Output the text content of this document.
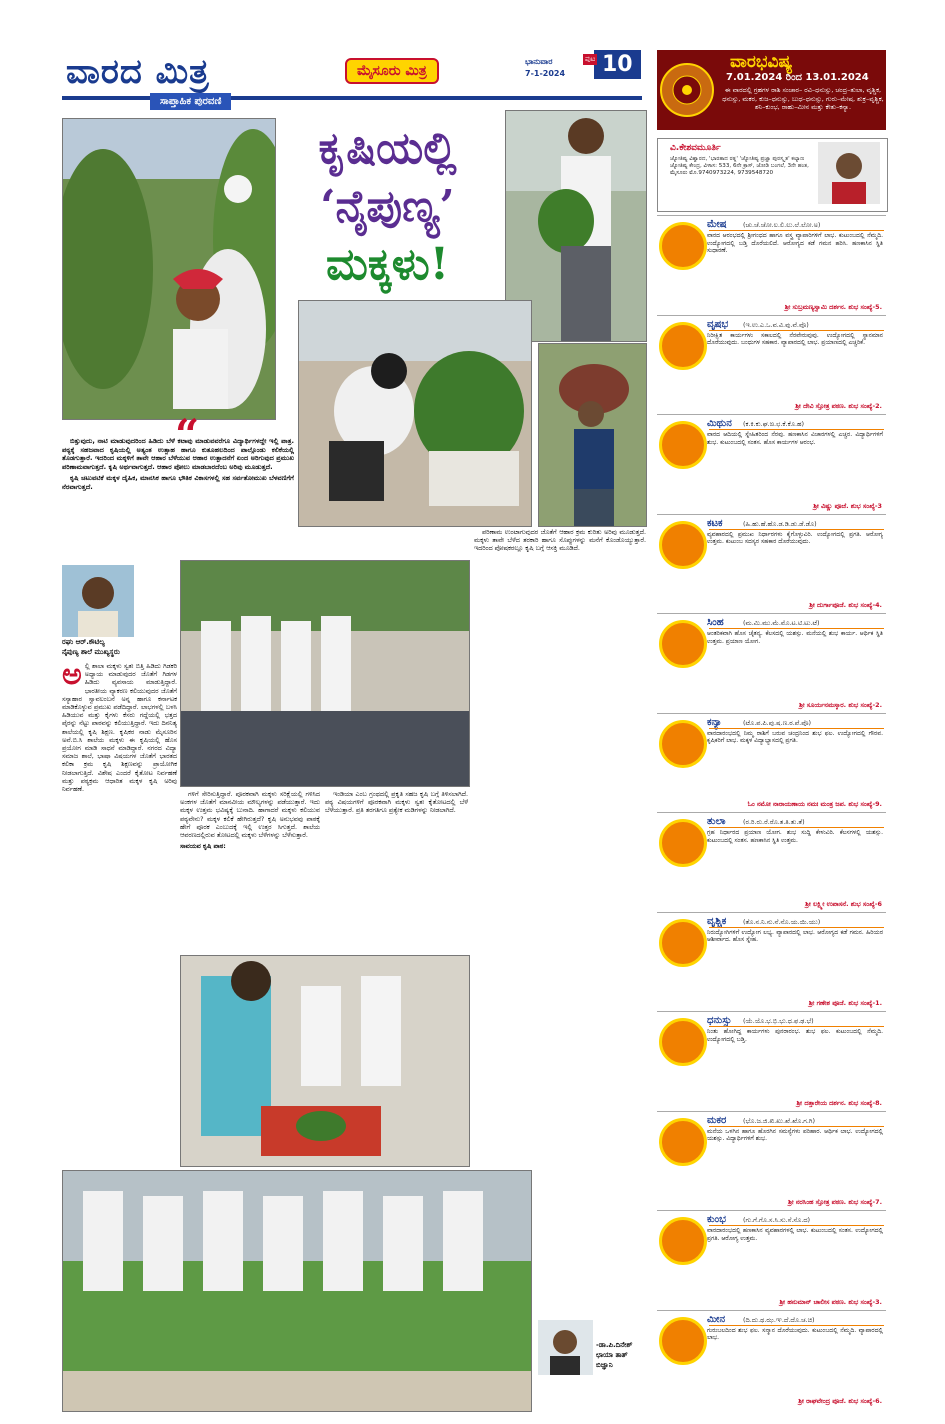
ವಾರದ ಮಿತ್ರ
ಸಾಪ್ತಾಹಿಕ ಪುರವಣಿ
ಮೈಸೂರು ಮಿತ್ರ
ಭಾನುವಾರ
7-1-2024	10
ಪುಟ
ಕೃಷಿಯಲ್ಲಿ
‘ನೈಪುಣ್ಯ’
ಮಕ್ಕಳು!
“

ಬಿತ್ತುವುದು, ನಾಟಿ ಮಾಡುವುದರಿಂದ ಹಿಡಿದು ಬೆಳೆ ಕಟಾವು ಮಾಡುವವರೆಗೂ ವಿದ್ಯಾರ್ಥಿಗಳದ್ದೇ ಇಲ್ಲಿ ಪಾತ್ರ. ಪಠ್ಯಕ್ಕೆ ಸಹಜವಾದ ಕೃಷಿಯಲ್ಲಿ ಅತ್ಯಂತ ಉತ್ಸಾಹ ಹಾಗೂ ಕುತೂಹಲದಿಂದ ಪಾಲ್ಗೊಂಡು ಕಲಿಕೆಯಲ್ಲಿ ತೊಡಗುತ್ತಾರೆ. ಇದರಿಂದ ಮಕ್ಕಳಿಗೆ ತಾವೇ ಆಹಾರ ಬೆಳೆಯುವ ಆಹಾರ ಉತ್ಪಾದನೆಗೆ ಏಂದ ಅರಿಗುವುದ ಪ್ರಮುಖ ಪರಿಣಾಮವಾಗುತ್ತದೆ. ಕೃಷಿ ಅರ್ಥವಾಗುತ್ತದೆ. ಆಹಾರ ಪೋಲು ಮಾಡಬಾರದೆಂಬ ಅರಿವು ಮೂಡುತ್ತದೆ.

ಕೃಷಿ ಚಟುವಟಿಕೆ ಮಕ್ಕಳ ದೈಹಿಕ, ಮಾನಸಿಕ ಹಾಗೂ ಭೌತಿಕ ವಿಕಾಸಗಳಲ್ಲಿ ಸಹ ಸರ್ವತೋಮುಖ ಬೆಳವಣಿಗೆಗೆ ನೆರವಾಗುತ್ತದೆ.

ರಘು ಆರ್.ಕೌಟಿಲ್ಯ
ನೈಪುಣ್ಯ ಶಾಲೆ ಮುಖ್ಯಸ್ಥರು
ಅಲ್ಲಿ ಶಾಲಾ ಮಕ್ಕಳು ಸ್ವತಃ ಬಿತ್ತಿ ಹಿಡಿದು ಗಿಡಕರಿ ಅಧ್ಯಾಯ ಮಾಡುವುದರ ಜೊತೆಗೆ ಗಿಡಗಳ ಹಿಡಿದು ವ್ಯವಸಾಯ ಮಾಡುತ್ತಿದ್ದಾರೆ. ಭಾರತೀಯ ವ್ಯಾಕರಣ ಕಲಿಯುವುದರ ಜೊತೆಗೆ ಸಸ್ಯಾಹಾರ ಸ್ವಾವಲಂಬನೆ ಅನ್ನ ಹಾಗೂ ಕರ್ನಾಟಕ ಮಾಡಿಕೊಳ್ಳುವ ಪ್ರಮುಖ ಪಡೆದಿದ್ದಾರೆ. ಲಾಭಗಳಲ್ಲಿ ಬಳಸಿ ಹಿಡಿಯುವ ಮತ್ತು ಕೈಗಳು ಕೆಸರು ಗದ್ದೆಯಲ್ಲಿ ಭತ್ತದ ಪೈರನ್ನು ನೆಟ್ಟು ಪಾಠವನ್ನು ಕಲಿಯುತ್ತಿದ್ದಾರೆ. ಇದು ದಿನನಿತ್ಯ ಶಾಲೆಯಲ್ಲಿ ಕೃಷಿ ಶಿಕ್ಷಣ. ಕೃಷಿಕರ ನಾಡು ಮೈಸೂರಿನ ಅವೆ.ಬಿ.ಸಿ ಶಾಲೆಯ ಮಕ್ಕಳು ಈ ಕೃಷಿಯಲ್ಲಿ ಹೊಸ ಪ್ರಯೋಗ ಮಾಡಿ ಸಾಧನೆ ಮಾಡಿದ್ದಾರೆ. ನಗರದ ವಿದ್ಯಾ ಸಮಾಜ ಶಾಲೆ, ಭಾಷಾ ವಿಷಯಗಳ ಜೊತೆಗೆ ಭಾರತದ ಕಲಿಕಾ ಕ್ರಮ ಕೃಷಿ ಶಿಕ್ಷಣವನ್ನು ಪ್ರಾಯೋಗಿಕ ನೀಡಲಾಗುತ್ತಿದೆ. ವಿಶೇಷ ಎಂದರೆ ಕೈತೋಟ ನಿರ್ವಹಣೆ ಮತ್ತು ಪಠ್ಯಕ್ರಮ ಆಧಾರಿತ ಮಕ್ಕಳ ಕೃಷಿ ಅರಿವು ನಿರ್ವಹಣೆ.

ಗಳಿಗೆ ಸೇರಿಸುತ್ತಿದ್ದಾರೆ. ಪೂರಕವಾಗಿ ಮಕ್ಕಳು ಸರಿಕ್ಷೆಯಲ್ಲಿ ಗಳಿಸಿದ ಅಂಕಗಳ ಜೊತೆಗೆ ಮಾನವೀಯ ಮೌಲ್ಯಗಳನ್ನು ಪಡೆಯುತ್ತಾರೆ. ಇದು ಮಕ್ಕಳ ಉತ್ತಮ ಭವಿಷ್ಯಕ್ಕೆ ಬುನಾದಿ. ಹಾಗಾದರೆ ಮಕ್ಕಳು ಕಲಿಯುವ ಪಠ್ಯವೇನು? ಮಕ್ಕಳ ಕಲಿಕೆ ಹೇಗಿರುತ್ತದೆ? ಕೃಷಿ ಅನುಭವವು ಪಾಠಕ್ಕೆ ಹೇಗೆ ಪೂರಕ ಎಂಬುದಕ್ಕೆ ಇಲ್ಲಿ ಉತ್ತರ ಸಿಗುತ್ತದೆ. ಶಾಲೆಯ ಆವರಣದಲ್ಲಿರುವ ತೋಟದಲ್ಲಿ ಮಕ್ಕಳು ಬೆಳೆಗಳನ್ನು ಬೆಳೆಸುತ್ತಾರೆ.

ಸಾವಯವ ಕೃಷಿ ಪಾಠ:

ಇಂಡಿಯಾ ಎಂಬ ಗ್ರಂಥದಲ್ಲಿ ಪ್ರಕೃತಿ ಸಹಜ ಕೃಷಿ ಬಗ್ಗೆ ತಿಳಿಸಲಾಗಿದೆ. ಪಠ್ಯ ವಿಷಯಗಳಿಗೆ ಪೂರಕವಾಗಿ ಮಕ್ಕಳು ಸ್ವತಃ ಕೈತೋಟದಲ್ಲಿ ಬೆಳೆ ಬೆಳೆಯುತ್ತಾರೆ. ಪ್ರತಿ ತರಗತಿಗೂ ಪ್ರತ್ಯೇಕ ಮಡಿಗಳನ್ನು ನೀಡಲಾಗಿದೆ.

ಪರಿಣಾಮ ಉಂಟಾಗುವುದರ ಜೊತೆಗೆ ಆಹಾರ ಕ್ರಮ ಕುರಿತು ಅರಿವು ಮೂಡುತ್ತದೆ. ಮಕ್ಕಳು ತಾವೇ ಬೆಳೆದ ತರಕಾರಿ ಹಾಗೂ ಸೊಪ್ಪುಗಳನ್ನು ಮನೆಗೆ ಕೊಂಡೊಯ್ಯುತ್ತಾರೆ. ಇದರಿಂದ ಪೋಷಕರಲ್ಲೂ ಕೃಷಿ ಬಗ್ಗೆ ಆಸಕ್ತಿ ಮೂಡಿದೆ.

-ಡಾ.ಪಿ.ದಿನೇಶ್
ಛಾಯಾ ತಾತ್ ಬಿಜ್ಞಾನಿ
ವಾರಭವಿಷ್ಯ
7.01.2024 ರಿಂದ 13.01.2024
ಈ ವಾರದಲ್ಲಿ ಗ್ರಹಗಳ ರಾಶಿ ಸಂಚಾರ– ರವಿ–ಧನುಸ್ಸು, ಚಂದ್ರ–ತುಲಾ, ವೃಶ್ಚಿಕ, ಧನುಸ್ಸು, ಮಕರ, ಕುಜ–ಧನುಸ್ಸು, ಬುಧ–ಧನುಸ್ಸು, ಗುರು–ಮೇಷ, ಶುಕ್ರ–ವೃಶ್ಚಿಕ, ಶನಿ–ಕುಂಭ, ರಾಹು–ಮೀನ ಮತ್ತು ಕೇತು–ಕನ್ಯಾ.
ವಿ.ಕೇಶವಮೂರ್ತಿ
ಜ್ಯೋತಿಷ್ಯ ವಿಶ್ವಾರದ, 'ಭಾರತಾದ ರತ್ನ' 'ಜ್ಯೋತಿಷ್ಯ ಪ್ರಜ್ಞಾ ಪುರಸ್ಕೃತ' ಕಲ್ಯಾಣ ಜ್ಯೋತಿಷ್ಯ ಕೇಂದ್ರ, ವಿಳಾಸ: 533, 6ನೇ ಕ್ರಾಸ್, ಜೋಡಿ ಬಂಗಲೆ, 3ನೇ ಹಂತ, ಮೈಸೂರು ಮೊ.9740973224, 9739548720
ಮೇಷ	(ಚು.ಚೆ.ಚೋ.ಲ.ಲಿ.ಲು.ಲೆ.ಲೋ.ಅ)
ವಾರದ ಆರಂಭದಲ್ಲಿ ಶ್ರೀಗಂಧದ ಹಾಗೂ ವಸ್ತ್ರ ವ್ಯಾಪಾರಿಗಳಿಗೆ ಲಾಭ. ಕುಟುಂಬದಲ್ಲಿ ನೆಮ್ಮದಿ. ಉದ್ಯೋಗದಲ್ಲಿ ಬಡ್ತಿ ದೊರೆಯಲಿದೆ. ಆರೋಗ್ಯದ ಕಡೆ ಗಮನ ಹರಿಸಿ. ಹಣಕಾಸಿನ ಸ್ಥಿತಿ ಸುಧಾರಣೆ.
ಶ್ರೀ ಸುಬ್ರಮಣ್ಯಸ್ವಾಮಿ ದರ್ಶನ. ಶುಭ ಸಂಖ್ಯೆ-5.
ವೃಷಭ (ಇ.ಉ.ಎ.ಒ.ವ.ವಿ.ವು.ವೆ.ವೊ)
ನಿರೀಕ್ಷಿತ ಕಾರ್ಯಗಳು ಸಕಾಲದಲ್ಲಿ ನೆರವೇರುವುವು. ಉದ್ಯೋಗದಲ್ಲಿ ಸ್ಥಾನಮಾನ ದೊರೆಯುವುದು. ಬಂಧುಗಳ ಸಹಕಾರ. ವ್ಯಾಪಾರದಲ್ಲಿ ಲಾಭ. ಪ್ರಯಾಣದಲ್ಲಿ ಎಚ್ಚರಿಕೆ.
ಶ್ರೀ ದೇವಿ ಸ್ತೋತ್ರ ಪಠಣ. ಶುಭ ಸಂಖ್ಯೆ-2.
ಮಿಥುನ (ಕ.ಕಿ.ಕು.ಘ.ಙ.ಛ.ಕೆ.ಕೊ.ಹ)
ವಾರದ ಆದಿಯಲ್ಲಿ ಸ್ನೇಹಿತರಿಂದ ನೆರವು. ಹಣಕಾಸಿನ ವಿಚಾರಗಳಲ್ಲಿ ಎಚ್ಚರ. ವಿದ್ಯಾರ್ಥಿಗಳಿಗೆ ಶುಭ. ಕುಟುಂಬದಲ್ಲಿ ಸಂತಸ. ಹೊಸ ಕಾರ್ಯಗಳ ಆರಂಭ.
ಶ್ರೀ ವಿಷ್ಣು ಪೂಜೆ. ಶುಭ ಸಂಖ್ಯೆ-3
ಕಟಕ	(ಹಿ.ಹು.ಹೆ.ಹೊ.ಡ.ಡಿ.ಡು.ಡೆ.ಡೊ)
ವ್ಯವಹಾರದಲ್ಲಿ ಪ್ರಮುಖ ನಿರ್ಧಾರಗಳು ಕೈಗೊಳ್ಳುವಿರಿ. ಉದ್ಯೋಗದಲ್ಲಿ ಪ್ರಗತಿ. ಆರೋಗ್ಯ ಉತ್ತಮ. ಕುಟುಂಬ ಸದಸ್ಯರ ಸಹಕಾರ ದೊರೆಯುವುದು.
ಶ್ರೀ ದುರ್ಗಾಪೂಜೆ. ಶುಭ ಸಂಖ್ಯೆ-4.
ಸಿಂಹ	(ಮ.ಮಿ.ಮು.ಮೆ.ಮೊ.ಟ.ಟಿ.ಟು.ಟೆ)
ಆಂತರಿಕವಾಗಿ ಹೊಸ ಚೈತನ್ಯ. ಕೆಲಸದಲ್ಲಿ ಯಶಸ್ಸು. ಮನೆಯಲ್ಲಿ ಶುಭ ಕಾರ್ಯ. ಆರ್ಥಿಕ ಸ್ಥಿತಿ ಉತ್ತಮ. ಪ್ರಯಾಣ ಯೋಗ.
ಶ್ರೀ ಸೂರ್ಯನಮಸ್ಕಾರ. ಶುಭ ಸಂಖ್ಯೆ-2.
ಕನ್ಯಾ	(ಟೊ.ಪ.ಪಿ.ಪು.ಷ.ಣ.ಠ.ಪೆ.ಪೊ)
ವಾರದಾರಂಭದಲ್ಲಿ ನಿಮ್ಮ ರಾಶಿಗೆ ಬರುವ ಚಂದ್ರನಿಂದ ಶುಭ ಫಲ. ಉದ್ಯೋಗದಲ್ಲಿ ಗೌರವ. ಕೃಷಿಕರಿಗೆ ಲಾಭ. ಮಕ್ಕಳ ವಿದ್ಯಾಭ್ಯಾಸದಲ್ಲಿ ಪ್ರಗತಿ.
ಓಂ ನಮೋ ನಾರಾಯಣಾಯ ನಮಃ ಮಂತ್ರ ಜಪ. ಶುಭ ಸಂಖ್ಯೆ-9.
ತುಲಾ	(ರ.ರಿ.ರು.ರೆ.ರೊ.ತ.ತಿ.ತು.ತೆ)
ಗ್ರಹ ನಿರ್ಧಾರದ ಪ್ರಯಾಣ ಯೋಗ. ಶುಭ ಸುದ್ದಿ ಕೇಳುವಿರಿ. ಕೆಲಸಗಳಲ್ಲಿ ಯಶಸ್ಸು. ಕುಟುಂಬದಲ್ಲಿ ಸಂತಸ. ಹಣಕಾಸಿನ ಸ್ಥಿತಿ ಉತ್ತಮ.
ಶ್ರೀ ಲಕ್ಷ್ಮೀ ಉಪಾಸನೆ. ಶುಭ ಸಂಖ್ಯೆ-6
ವೃಶ್ಚಿಕ	(ತೊ.ನ.ನಿ.ನು.ನೆ.ನೊ.ಯ.ಯಿ.ಯು)
ನಿರುದ್ಯೋಗಿಗಳಿಗೆ ಉದ್ಯೋಗ ಲಭ್ಯ. ವ್ಯಾಪಾರದಲ್ಲಿ ಲಾಭ. ಆರೋಗ್ಯದ ಕಡೆ ಗಮನ. ಹಿರಿಯರ ಆಶೀರ್ವಾದ. ಹೊಸ ಸ್ನೇಹ.
ಶ್ರೀ ಗಣೇಶ ಪೂಜೆ. ಶುಭ ಸಂಖ್ಯೆ-1.
ಧನುಸ್ಸು (ಯೆ.ಯೊ.ಭ.ಭಿ.ಭು.ಧ.ಫ.ಢ.ಭೆ)
ನಿಂತು ಹೋಗಿದ್ದ ಕಾರ್ಯಗಳು ಪುನರಾರಂಭ. ಶುಭ ಫಲ. ಕುಟುಂಬದಲ್ಲಿ ನೆಮ್ಮದಿ. ಉದ್ಯೋಗದಲ್ಲಿ ಬಡ್ತಿ.
ಶ್ರೀ ದತ್ತಾರೇಯ ದರ್ಶನ. ಶುಭ ಸಂಖ್ಯೆ-8.
ಮಕರ	(ಭೊ.ಜ.ಜಿ.ಖಿ.ಖು.ಖೆ.ಖೊ.ಗ.ಗಿ)
ಮನೆಯ ಒಳಗಿನ ಹಾಗೂ ಹೊರಗಿನ ಸಮಸ್ಯೆಗಳು ಪರಿಹಾರ. ಆರ್ಥಿಕ ಲಾಭ. ಉದ್ಯೋಗದಲ್ಲಿ ಯಶಸ್ಸು. ವಿದ್ಯಾರ್ಥಿಗಳಿಗೆ ಶುಭ.
ಶ್ರೀ ನರಸಿಂಹ ಸ್ತೋತ್ರ ಪಠಣ. ಶುಭ ಸಂಖ್ಯೆ-7.
ಕುಂಭ	(ಗು.ಗೆ.ಗೊ.ಸ.ಸಿ.ಸು.ಸೆ.ಸೊ.ದ)
ವಾರದಾರಂಭದಲ್ಲಿ ಹಣಕಾಸಿನ ವ್ಯವಹಾರಗಳಲ್ಲಿ ಲಾಭ. ಕುಟುಂಬದಲ್ಲಿ ಸಂತಸ. ಉದ್ಯೋಗದಲ್ಲಿ ಪ್ರಗತಿ. ಆರೋಗ್ಯ ಉತ್ತಮ.
ಶ್ರೀ ಹನುಮಾನ್ ಚಾಲೀಸ ಪಠಣ. ಶುಭ ಸಂಖ್ಯೆ-3.
ಮೀನ	(ದಿ.ದು.ಥ.ಝ.ಞ.ದೆ.ದೊ.ಚ.ಚಿ)
ಗುರುಬಲದಿಂದ ಶುಭ ಫಲ. ಸನ್ಮಾನ ದೊರೆಯುವುದು. ಕುಟುಂಬದಲ್ಲಿ ನೆಮ್ಮದಿ. ವ್ಯಾಪಾರದಲ್ಲಿ ಲಾಭ.
ಶ್ರೀ ರಾಘವೇಂದ್ರ ಪೂಜೆ. ಶುಭ ಸಂಖ್ಯೆ-6.
